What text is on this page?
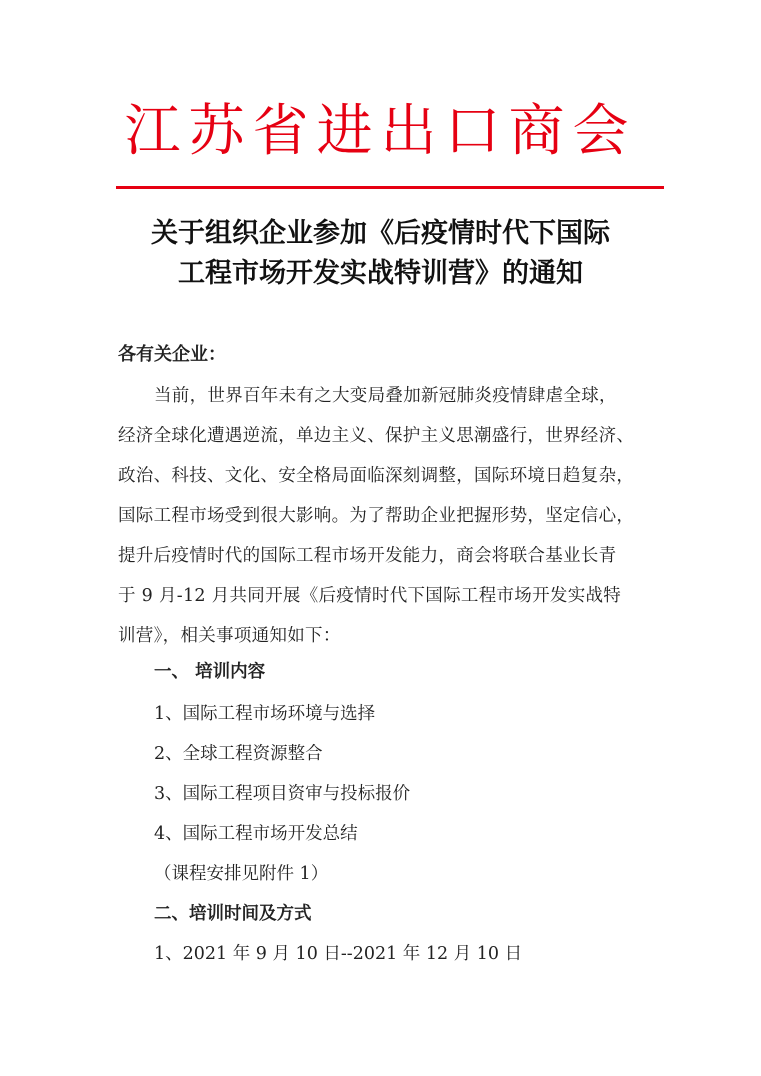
江苏省进出口商会
关于组织企业参加《后疫情时代下国际
工程市场开发实战特训营》的通知
各有关企业：
当前，世界百年未有之大变局叠加新冠肺炎疫情肆虐全球，
经济全球化遭遇逆流，单边主义、保护主义思潮盛行，世界经济、
政治、科技、文化、安全格局面临深刻调整，国际环境日趋复杂，
国际工程市场受到很大影响。为了帮助企业把握形势，坚定信心，
提升后疫情时代的国际工程市场开发能力，商会将联合基业长青
于 9 月-12 月共同开展《后疫情时代下国际工程市场开发实战特
训营》，相关事项通知如下：
一、 培训内容
1、国际工程市场环境与选择
2、全球工程资源整合
3、国际工程项目资审与投标报价
4、国际工程市场开发总结
（课程安排见附件 1）
二、培训时间及方式
1、2021 年 9 月 10 日--2021 年 12 月 10 日
